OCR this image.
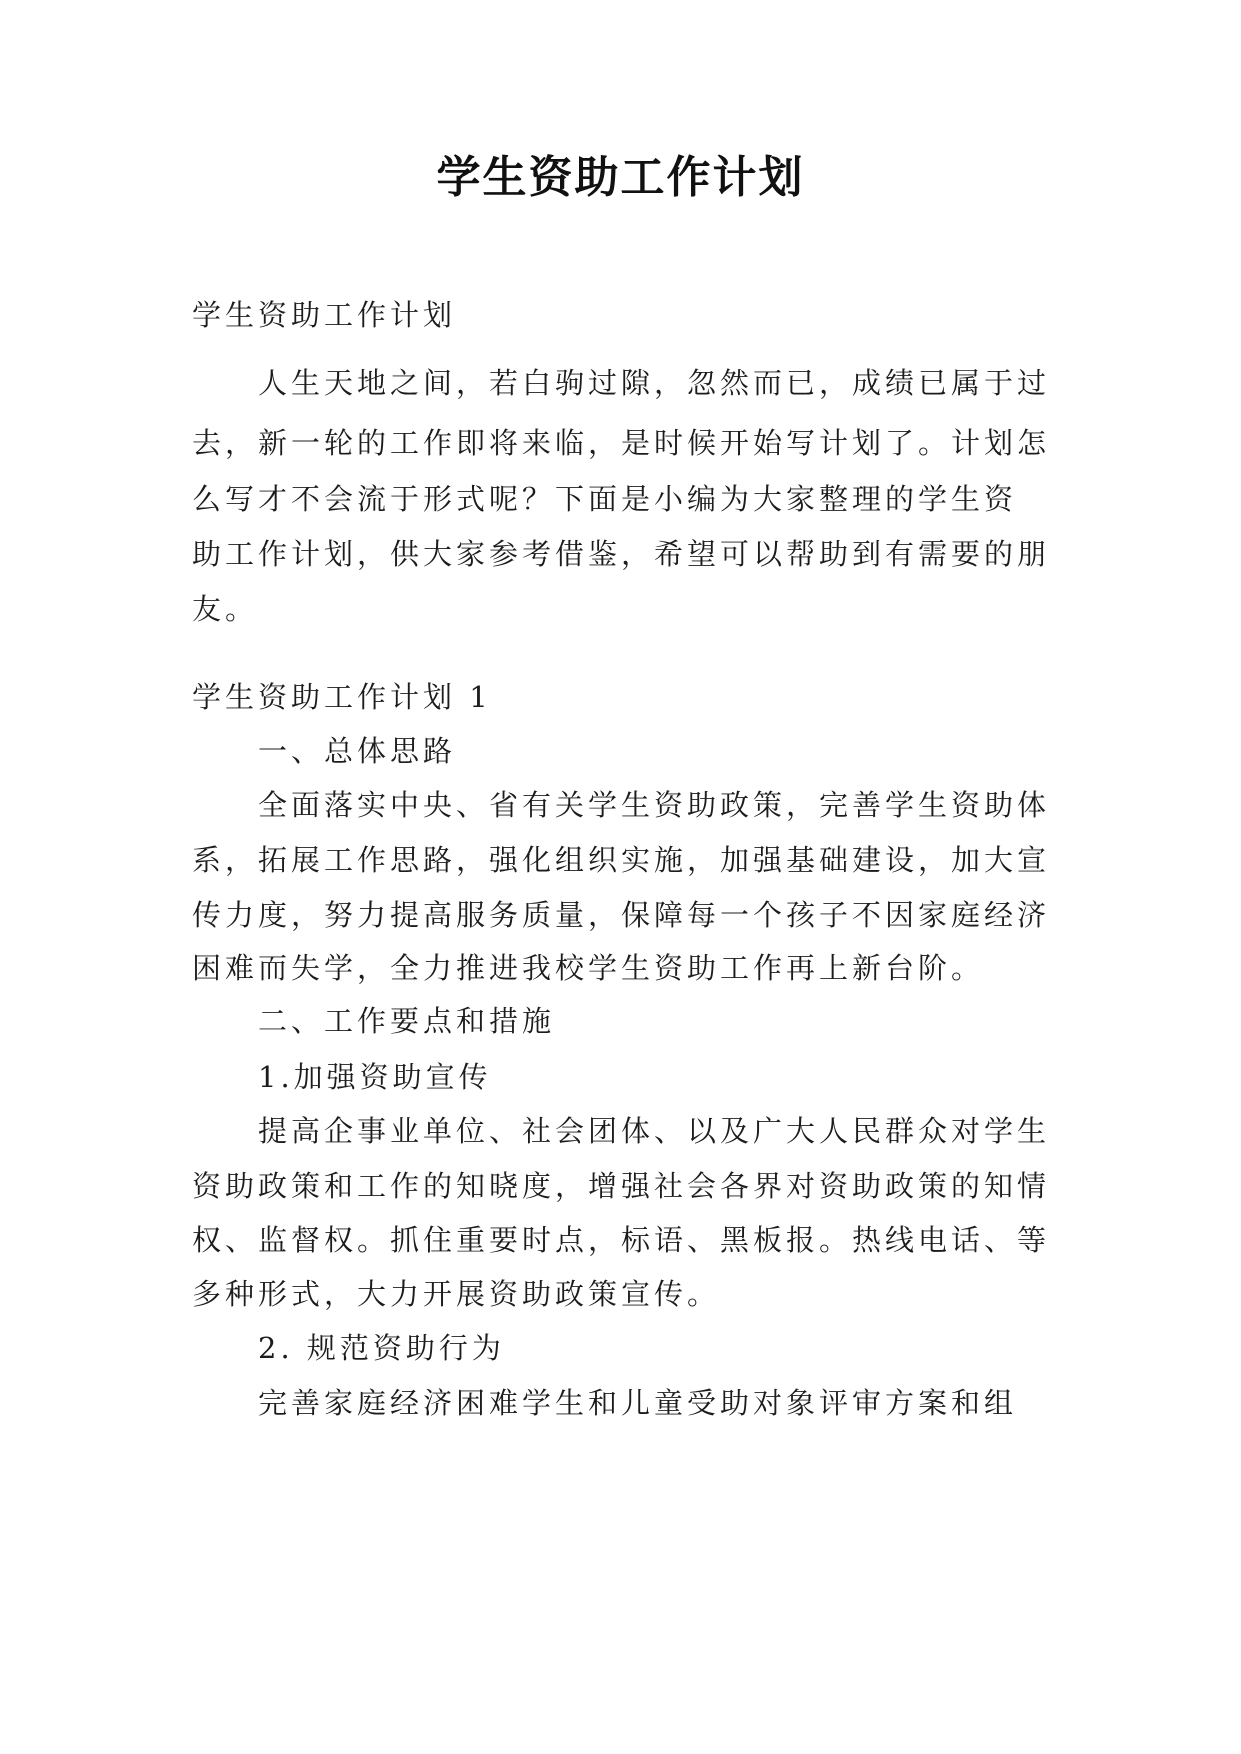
学生资助工作计划
学生资助工作计划
人生天地之间，若白驹过隙，忽然而已，成绩已属于过
去，新一轮的工作即将来临，是时候开始写计划了。计划怎
么写才不会流于形式呢？下面是小编为大家整理的学生资
助工作计划，供大家参考借鉴，希望可以帮助到有需要的朋
友。
学生资助工作计划 1
一、总体思路
全面落实中央、省有关学生资助政策，完善学生资助体
系，拓展工作思路，强化组织实施，加强基础建设，加大宣
传力度，努力提高服务质量，保障每一个孩子不因家庭经济
困难而失学，全力推进我校学生资助工作再上新台阶。
二、工作要点和措施
1.加强资助宣传
提高企事业单位、社会团体、以及广大人民群众对学生
资助政策和工作的知晓度，增强社会各界对资助政策的知情
权、监督权。抓住重要时点，标语、黑板报。热线电话、等
多种形式，大力开展资助政策宣传。
2. 规范资助行为
完善家庭经济困难学生和儿童受助对象评审方案和组
